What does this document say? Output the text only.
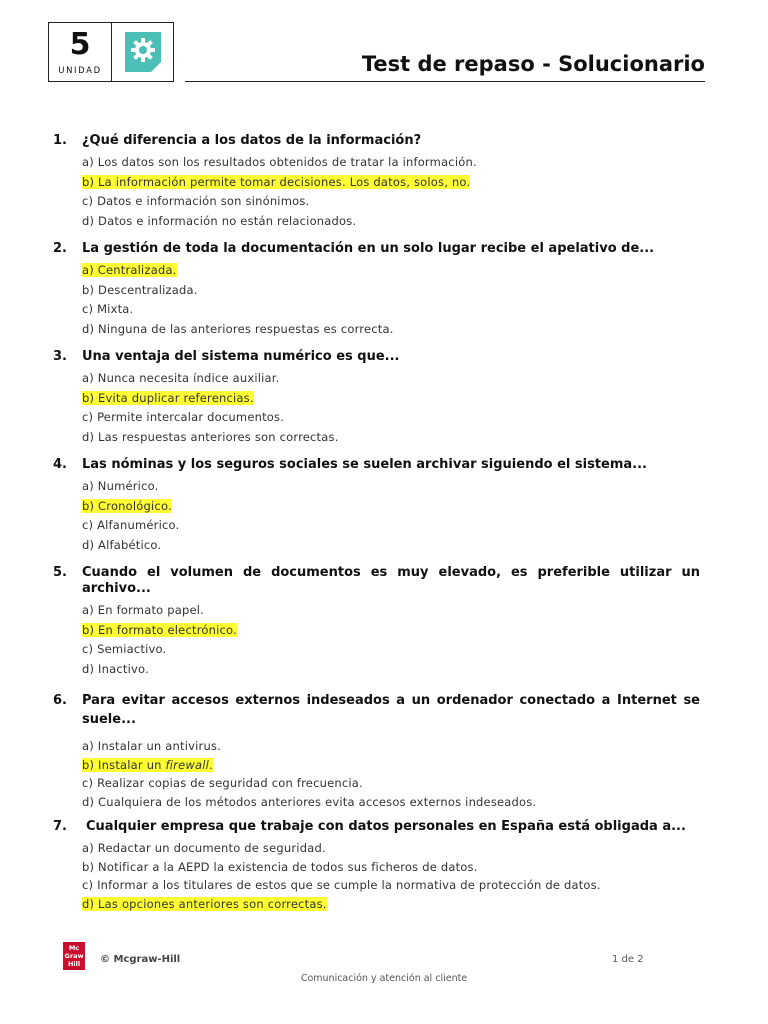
5
UNIDAD	Test de repaso - Solucionario
1.	¿Qué diferencia a los datos de la información?
a) Los datos son los resultados obtenidos de tratar la información.
b) La información permite tomar decisiones. Los datos, solos, no.
c) Datos e información son sinónimos.
d) Datos e información no están relacionados.
2.	La gestión de toda la documentación en un solo lugar recibe el apelativo de...
a) Centralizada.
b) Descentralizada.
c) Mixta.
d) Ninguna de las anteriores respuestas es correcta.
3.	Una ventaja del sistema numérico es que...
a) Nunca necesita índice auxiliar.
b) Evita duplicar referencias.
c) Permite intercalar documentos.
d) Las respuestas anteriores son correctas.
4.	Las nóminas y los seguros sociales se suelen archivar siguiendo el sistema...
a) Numérico.
b) Cronológico.
c) Alfanumérico.
d) Alfabético.
5.	Cuando el volumen de documentos es muy elevado, es preferible utilizar un archivo...
a) En formato papel.
b) En formato electrónico.
c) Semiactivo.
d) Inactivo.
6.	Para evitar accesos externos indeseados a un ordenador conectado a Internet se suele...
a) Instalar un antivirus.
b) Instalar un firewall.
c) Realizar copias de seguridad con frecuencia.
d) Cualquiera de los métodos anteriores evita accesos externos indeseados.
7.	Cualquier empresa que trabaje con datos personales en España está obligada a...
a) Redactar un documento de seguridad.
b) Notificar a la AEPD la existencia de todos sus ficheros de datos.
c) Informar a los titulares de estos que se cumple la normativa de protección de datos.
d) Las opciones anteriores son correctas.
Mc
Graw
Hill	© Mcgraw-Hill	1 de 2
Comunicación y atención al cliente
